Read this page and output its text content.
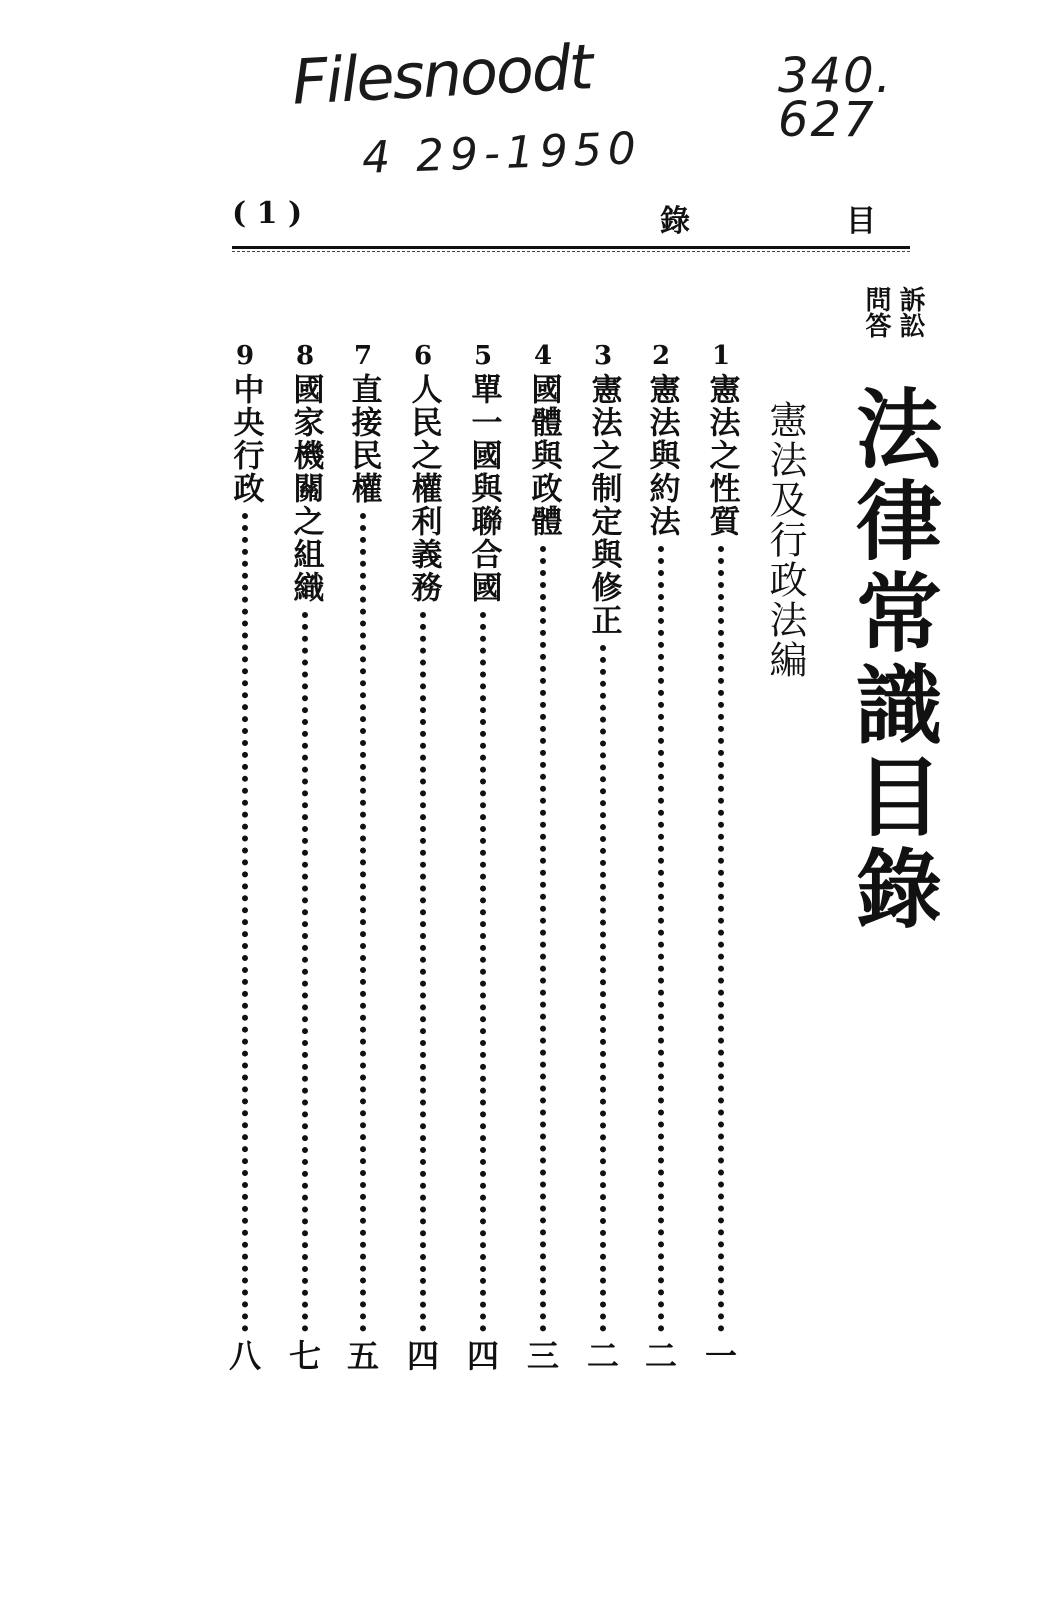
Filesnoodt
4 29-1950
340.
627
( 1 )	錄	目
訴訟
問答
法律常識目錄
憲法及行政法編
1
憲法之性質
一
2
憲法與約法
二
3
憲法之制定與修正
二
4
國體與政體
三
5
單一國與聯合國
四
6
人民之權利義務
四
7
直接民權
五
8
國家機關之組織
七
9
中央行政
八
